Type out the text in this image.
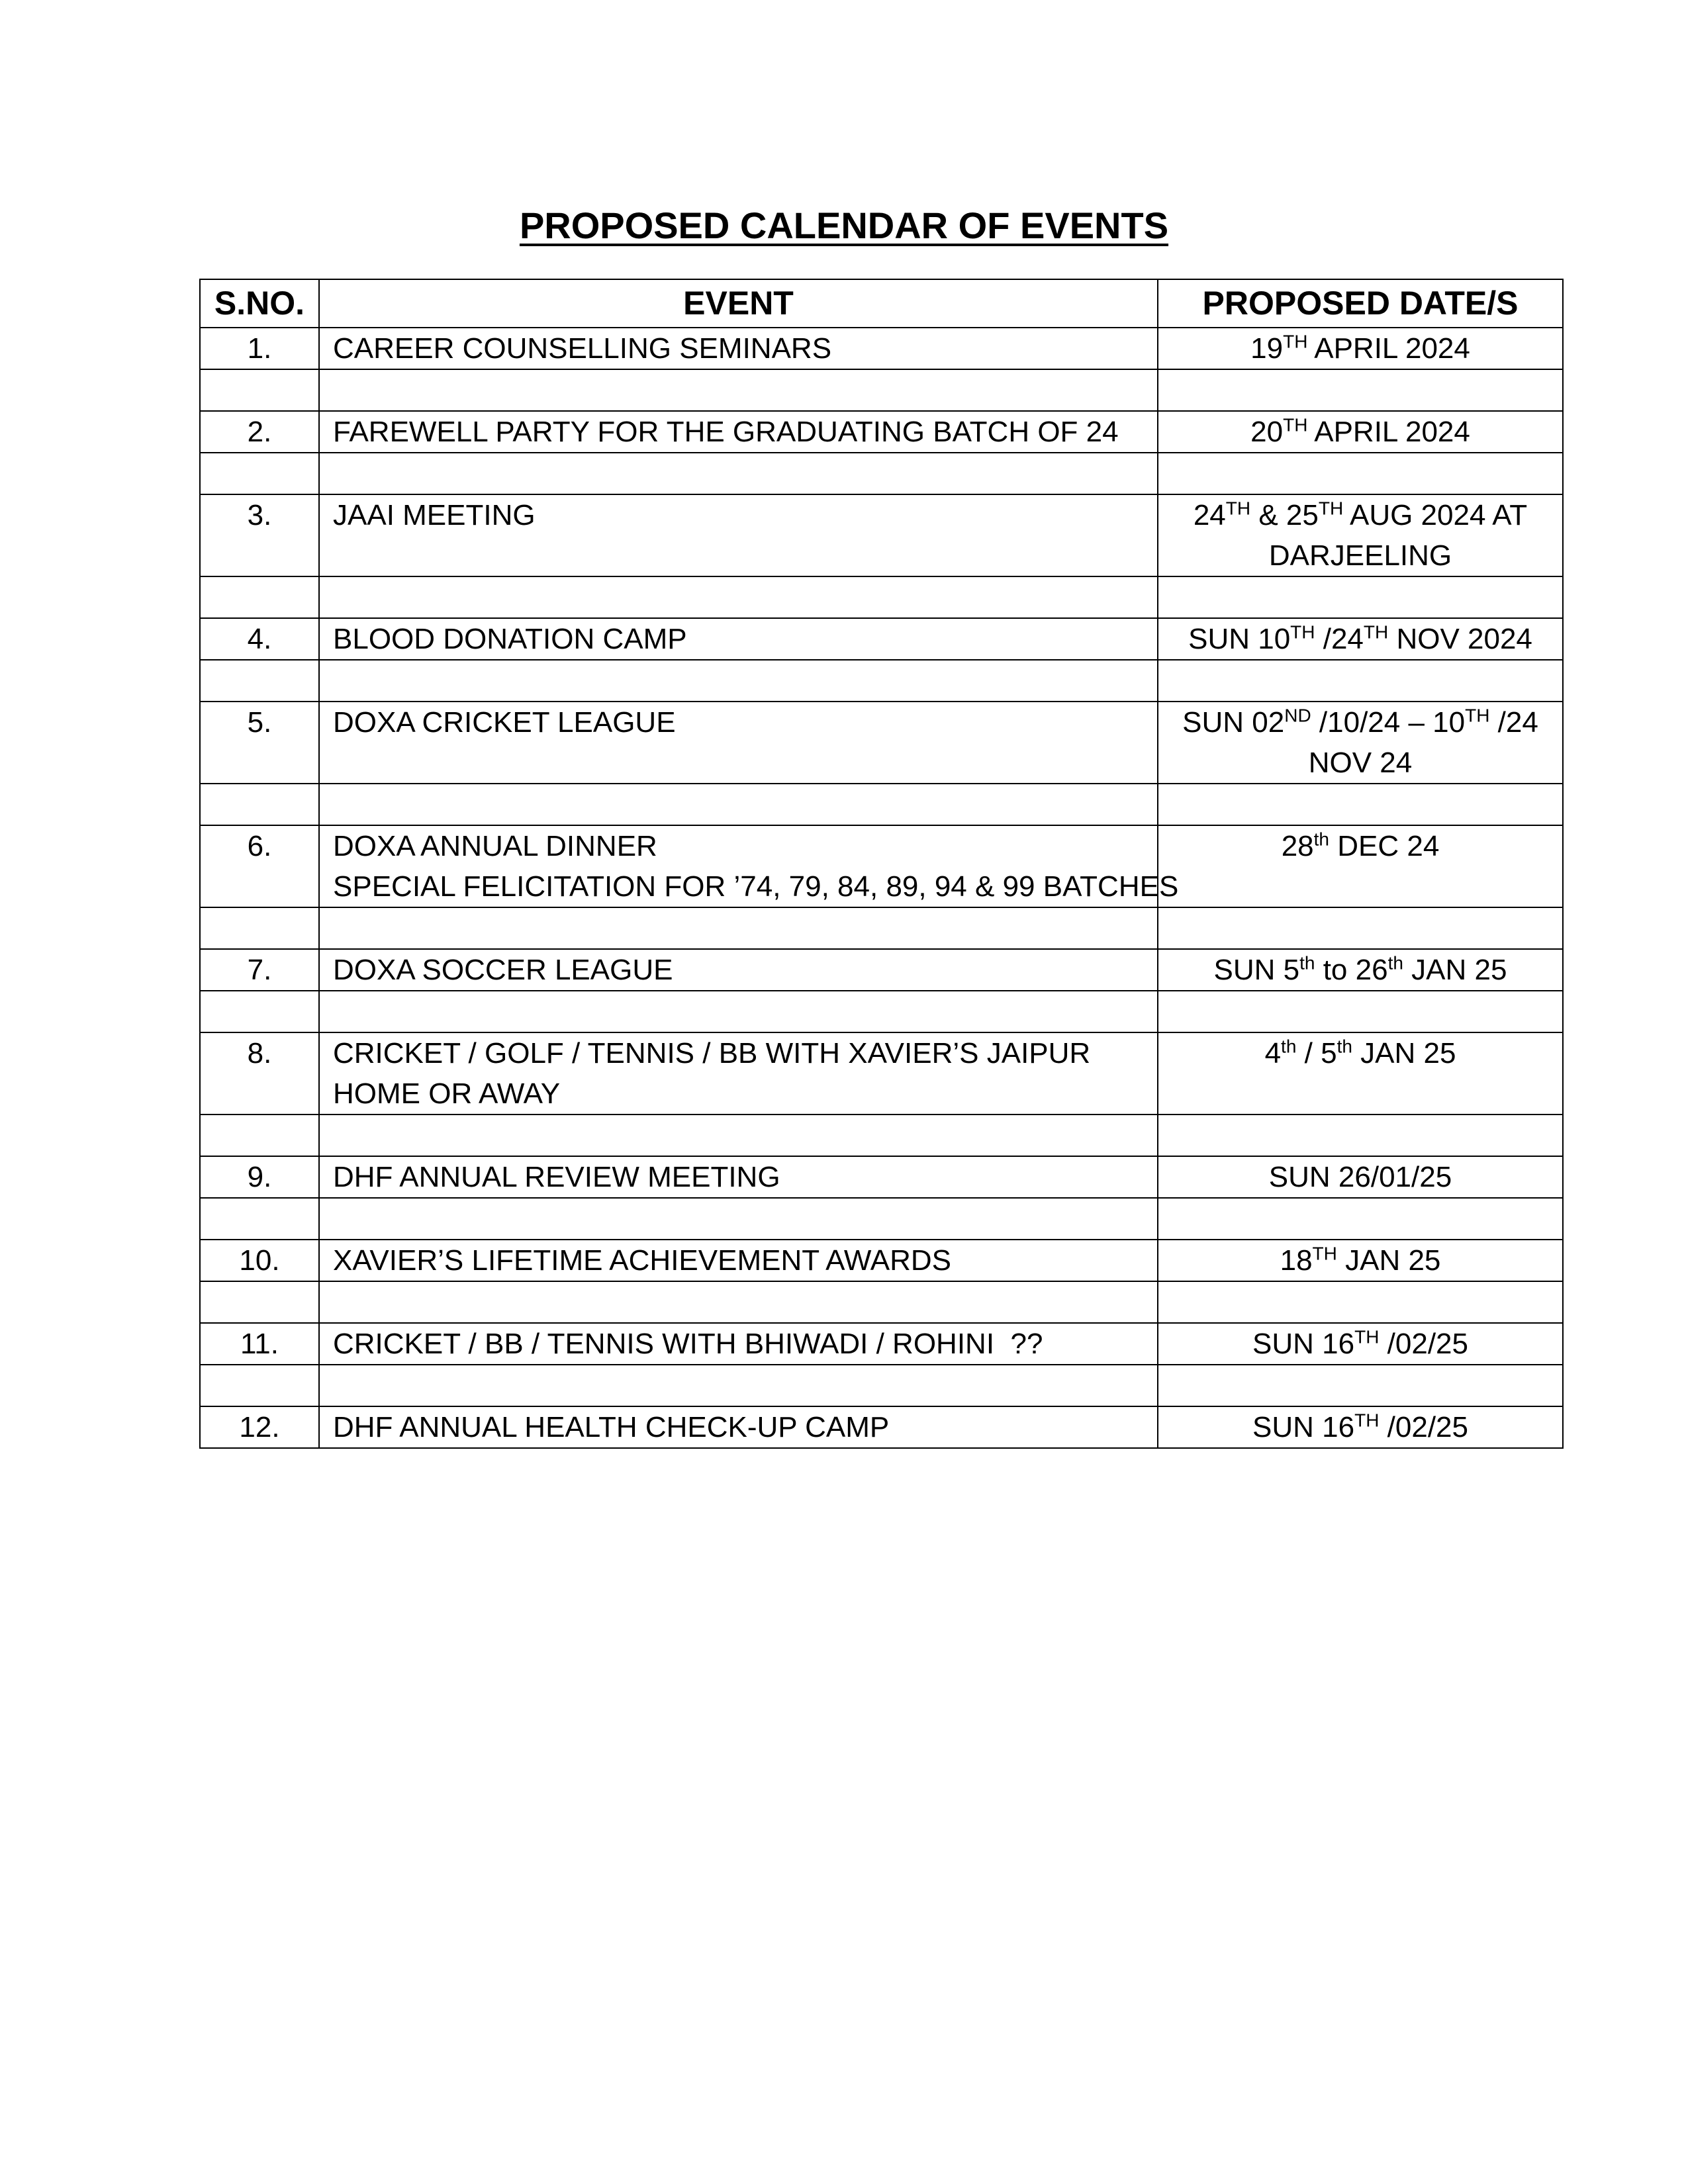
PROPOSED CALENDAR OF EVENTS
S.NO.	EVENT	PROPOSED DATE/S
1.	CAREER COUNSELLING SEMINARS	19TH APRIL 2024

2.	FAREWELL PARTY FOR THE GRADUATING BATCH OF 24	20TH APRIL 2024

3.	JAAI MEETING	24TH & 25TH AUG 2024 AT
DARJEELING

4.	BLOOD DONATION CAMP	SUN 10TH /24TH NOV 2024

5.	DOXA CRICKET LEAGUE	SUN 02ND /10/24 – 10TH /24
NOV 24

6.	DOXA ANNUAL DINNER
SPECIAL FELICITATION FOR ’74, 79, 84, 89, 94 & 99 BATCHES	28th DEC 24

7.	DOXA SOCCER LEAGUE	SUN 5th to 26th JAN 25

8.	CRICKET / GOLF / TENNIS / BB WITH XAVIER’S JAIPUR
HOME OR AWAY	4th / 5th JAN 25

9.	DHF ANNUAL REVIEW MEETING	SUN 26/01/25

10.	XAVIER’S LIFETIME ACHIEVEMENT AWARDS	18TH JAN 25

11.	CRICKET / BB / TENNIS WITH BHIWADI / ROHINI  ??	SUN 16TH /02/25

12.	DHF ANNUAL HEALTH CHECK-UP CAMP	SUN 16TH /02/25
